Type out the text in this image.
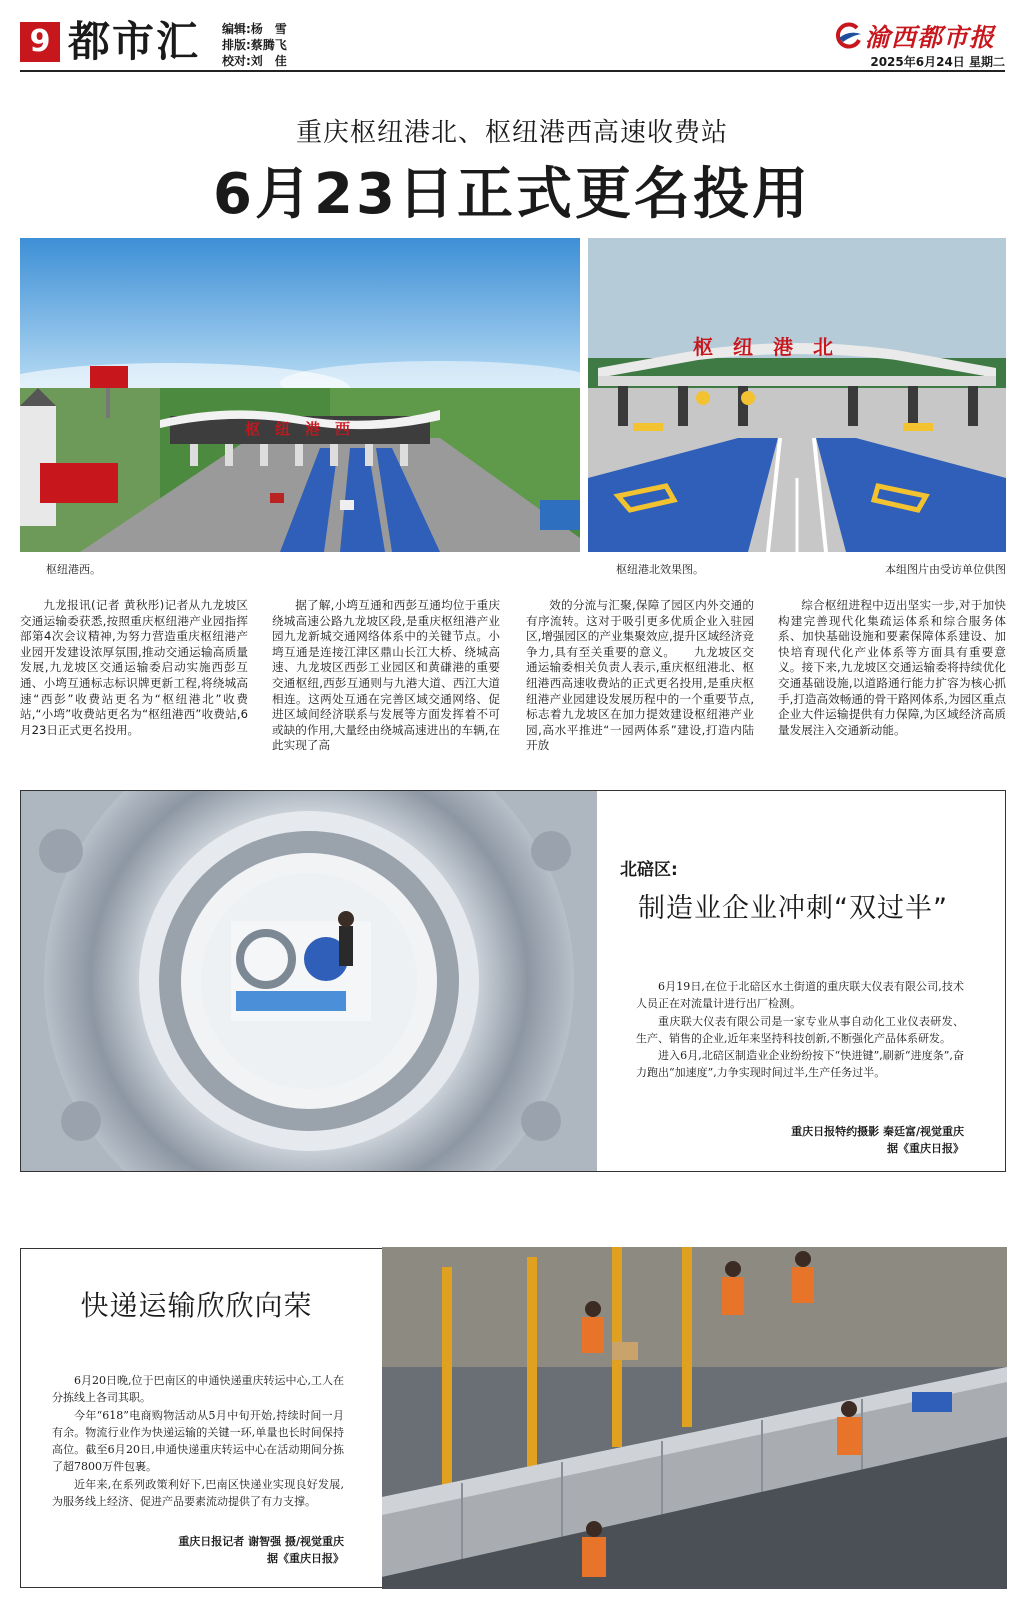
9 都市汇 编辑:杨　雪
排版:蔡腾飞
校对:刘　佳
渝西都市报
2025年6月24日 星期二
重庆枢纽港北、枢纽港西高速收费站
6月23日正式更名投用
枢　纽　港　西
枢　纽　港　北
枢纽港西。	枢纽港北效果图。	本组图片由受访单位供图
九龙报讯(记者 黄秋彤)记者从九龙坡区交通运输委获悉,按照重庆枢纽港产业园指挥部第4次会议精神,为努力营造重庆枢纽港产业园开发建设浓厚氛围,推动交通运输高质量发展,九龙坡区交通运输委启动实施西彭互通、小塆互通标志标识牌更新工程,将绕城高速“西彭”收费站更名为“枢纽港北”收费站,“小塆”收费站更名为“枢纽港西”收费站,6月23日正式更名投用。
据了解,小塆互通和西彭互通均位于重庆绕城高速公路九龙坡区段,是重庆枢纽港产业园九龙新城交通网络体系中的关键节点。小塆互通是连接江津区鼎山长江大桥、绕城高速、九龙坡区西彭工业园区和黄磏港的重要交通枢纽,西彭互通则与九港大道、西江大道相连。这两处互通在完善区域交通网络、促进区域间经济联系与发展等方面发挥着不可或缺的作用,大量经由绕城高速进出的车辆,在此实现了高
效的分流与汇聚,保障了园区内外交通的有序流转。这对于吸引更多优质企业入驻园区,增强园区的产业集聚效应,提升区域经济竞争力,具有至关重要的意义。　　九龙坡区交通运输委相关负责人表示,重庆枢纽港北、枢纽港西高速收费站的正式更名投用,是重庆枢纽港产业园建设发展历程中的一个重要节点,标志着九龙坡区在加力提效建设枢纽港产业园,高水平推进“一园两体系”建设,打造内陆开放
综合枢纽进程中迈出坚实一步,对于加快构建完善现代化集疏运体系和综合服务体系、加快基础设施和要素保障体系建设、加快培育现代化产业体系等方面具有重要意义。接下来,九龙坡区交通运输委将持续优化交通基础设施,以道路通行能力扩容为核心抓手,打造高效畅通的骨干路网体系,为园区重点企业大件运输提供有力保障,为区域经济高质量发展注入交通新动能。
北碚区:
制造业企业冲刺“双过半”

6月19日,在位于北碚区水土街道的重庆联大仪表有限公司,技术人员正在对流量计进行出厂检测。

重庆联大仪表有限公司是一家专业从事自动化工业仪表研发、生产、销售的企业,近年来坚持科技创新,不断强化产品体系研发。

进入6月,北碚区制造业企业纷纷按下“快进键”,刷新“进度条”,奋力跑出“加速度”,力争实现时间过半,生产任务过半。

重庆日报特约摄影 秦廷富/视觉重庆
据《重庆日报》
快递运输欣欣向荣

6月20日晚,位于巴南区的申通快递重庆转运中心,工人在分拣线上各司其职。

今年“618”电商购物活动从5月中旬开始,持续时间一月有余。物流行业作为快递运输的关键一环,单量也长时间保持高位。截至6月20日,申通快递重庆转运中心在活动期间分拣了超7800万件包裹。

近年来,在系列政策利好下,巴南区快递业实现良好发展,为服务线上经济、促进产品要素流动提供了有力支撑。

重庆日报记者 谢智强 摄/视觉重庆
据《重庆日报》
